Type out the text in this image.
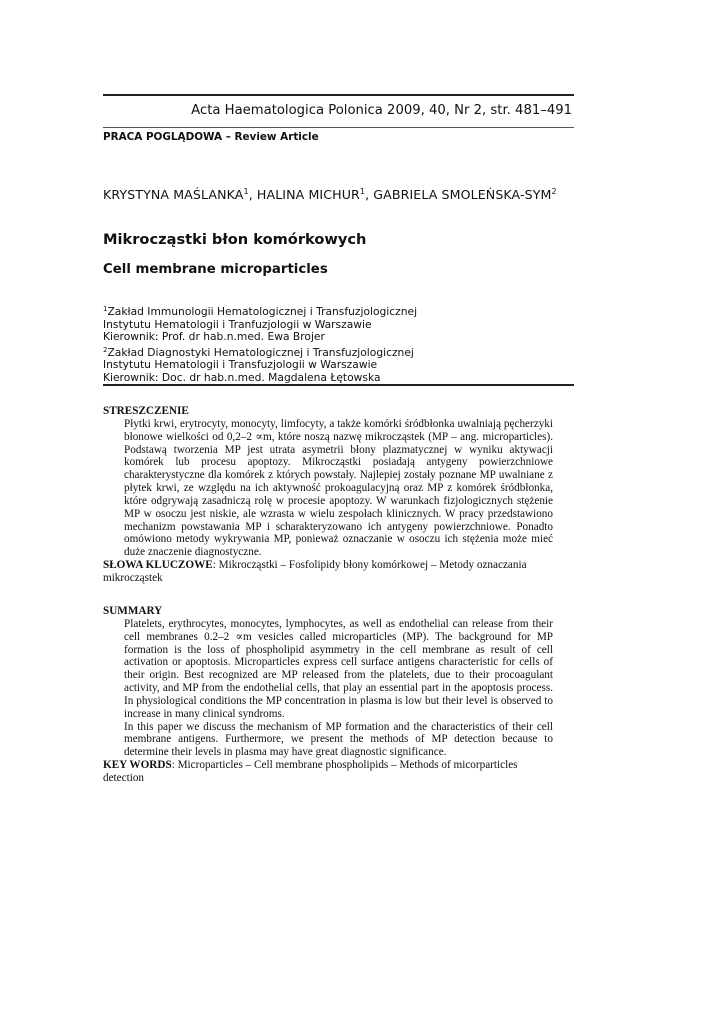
Acta Haematologica Polonica 2009, 40, Nr 2, str. 481–491
PRACA POGLĄDOWA – Review Article
KRYSTYNA MAŚLANKA$^1$, HALINA MICHUR$^1$, GABRIELA SMOLEŃSKA-SYM$^2$
Mikrocząstki błon komórkowych
Cell membrane microparticles
$^1$Zakład Immunologii Hematologicznej i Transfuzjologicznej
Instytutu Hematologii i Tranfuzjologii w Warszawie
Kierownik: Prof. dr hab.n.med. Ewa Brojer
$^2$Zakład Diagnostyki Hematologicznej i Transfuzjologicznej
Instytutu Hematologii i Transfuzjologii w Warszawie
Kierownik: Doc. dr hab.n.med. Magdalena Łętowska
STRESZCZENIE

Płytki krwi, erytrocyty, monocyty, limfocyty, a także komórki śródbłonka uwalniają pęcherzyki błonowe wielkości od 0,2–2 ∝m, które noszą nazwę mikrocząstek (MP – ang. microparticles). Podstawą tworzenia MP jest utrata asymetrii błony plazmatycznej w wyniku aktywacji komórek lub procesu apoptozy. Mikrocząstki posiadają antygeny powierzchniowe charakterystyczne dla komórek z których powstały. Najlepiej zostały poznane MP uwalniane z płytek krwi, ze względu na ich aktywność prokoagulacyjną oraz MP z komórek śródbłonka, które odgrywają zasadniczą rolę w procesie apoptozy. W warunkach fizjologicznych stężenie MP w osoczu jest niskie, ale wzrasta w wielu zespołach klinicznych. W pracy przedstawiono mechanizm powstawania MP i scharakteryzowano ich antygeny powierzchniowe. Ponadto omówiono metody wykrywania MP, ponieważ oznaczanie w osoczu ich stężenia może mieć duże znaczenie diagnostyczne.

SŁOWA KLUCZOWE: Mikrocząstki – Fosfolipidy błony komórkowej – Metody oznaczania mikrocząstek
SUMMARY

Platelets, erythrocytes, monocytes, lymphocytes, as well as endothelial can release from their cell membranes 0.2–2 ∝m vesicles called microparticles (MP). The background for MP formation is the loss of phospholipid asymmetry in the cell membrane as result of cell activation or apoptosis. Microparticles express cell surface antigens characteristic for cells of their origin. Best recognized are MP released from the platelets, due to their procoagulant activity, and MP from the endothelial cells, that play an essential part in the apoptosis process. In physiological conditions the MP concentration in plasma is low but their level is observed to increase in many clinical syndroms.

In this paper we discuss the mechanism of MP formation and the characteristics of their cell membrane antigens. Furthermore, we present the methods of MP detection because to determine their levels in plasma may have great diagnostic significance.

KEY WORDS: Microparticles – Cell membrane phospholipids – Methods of micorparticles detection
